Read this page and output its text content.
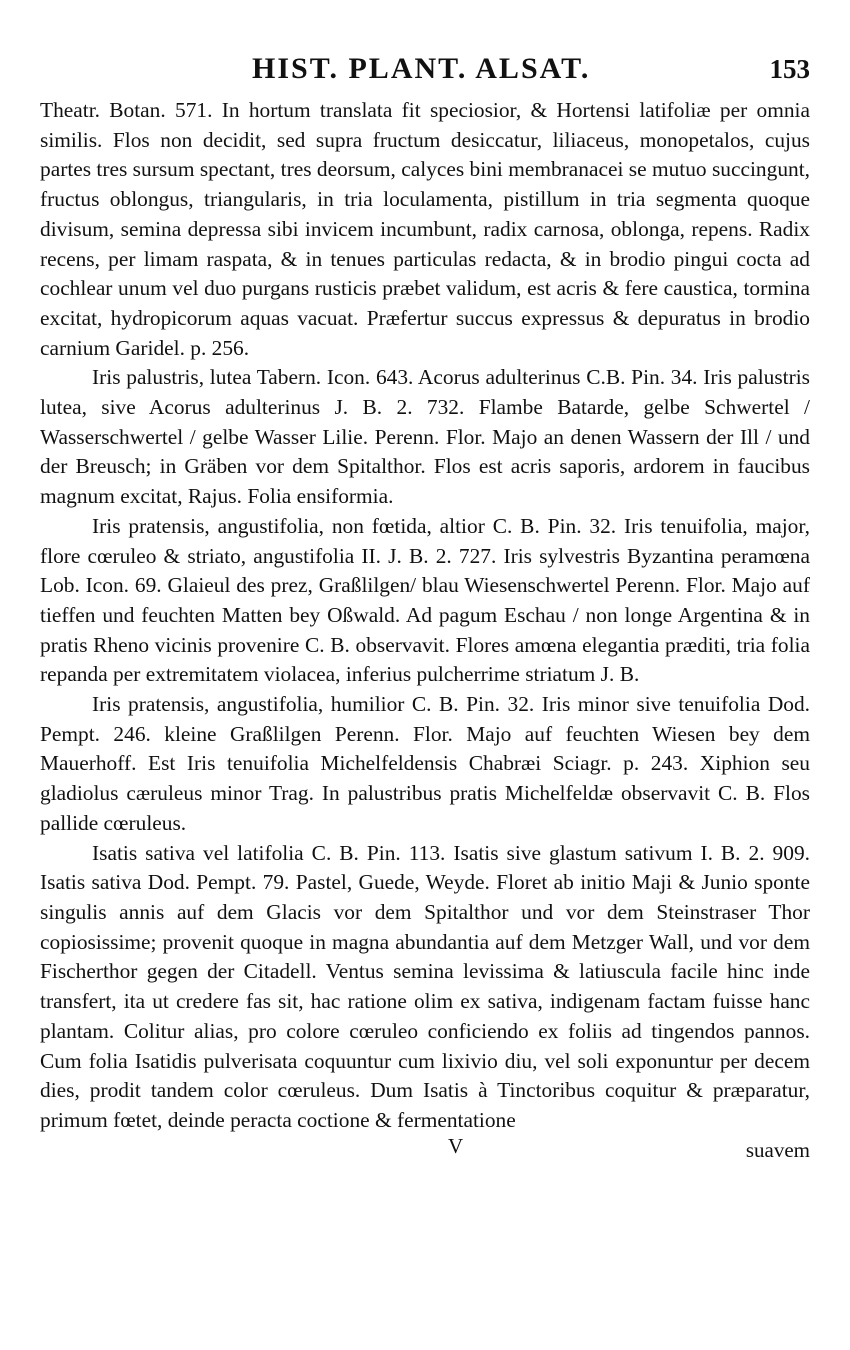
HIST. PLANT. ALSAT.	153

Theatr. Botan. 571. In hortum translata fit speciosior, & Hortensi latifoliæ per omnia similis. Flos non decidit, sed supra fructum desiccatur, liliaceus, monopetalos, cujus partes tres sursum spectant, tres deorsum, calyces bini membranacei se mutuo succingunt, fructus oblongus, triangularis, in tria loculamenta, pistillum in tria segmenta quoque divisum, semina depressa sibi invicem incumbunt, radix carnosa, oblonga, repens. Radix recens, per limam raspata, & in tenues particulas redacta, & in brodio pingui cocta ad cochlear unum vel duo purgans rusticis præbet validum, est acris & fere caustica, tormina excitat, hydropicorum aquas vacuat. Præfertur succus expressus & depuratus in brodio carnium Garidel. p. 256.

Iris palustris, lutea Tabern. Icon. 643. Acorus adulterinus C.B. Pin. 34. Iris palustris lutea, sive Acorus adulterinus J. B. 2. 732. Flambe Batarde, gelbe Schwertel / Wasserschwertel / gelbe Wasser Lilie. Perenn. Flor. Majo an denen Wassern der Ill / und der Breusch; in Gräben vor dem Spitalthor. Flos est acris saporis, ardorem in faucibus magnum excitat, Rajus. Folia ensiformia.

Iris pratensis, angustifolia, non fœtida, altior C. B. Pin. 32. Iris tenuifolia, major, flore cœruleo & striato, angustifolia II. J. B. 2. 727. Iris sylvestris Byzantina peramœna Lob. Icon. 69. Glaieul des prez, Graßlilgen/ blau Wiesenschwertel Perenn. Flor. Majo auf tieffen und feuchten Matten bey Oßwald. Ad pagum Eschau / non longe Argentina & in pratis Rheno vicinis provenire C. B. observavit. Flores amœna elegantia præditi, tria folia repanda per extremitatem violacea, inferius pulcherrime striatum J. B.

Iris pratensis, angustifolia, humilior C. B. Pin. 32. Iris minor sive tenuifolia Dod. Pempt. 246. kleine Graßlilgen Perenn. Flor. Majo auf feuchten Wiesen bey dem Mauerhoff. Est Iris tenuifolia Michelfeldensis Chabræi Sciagr. p. 243. Xiphion seu gladiolus cæruleus minor Trag. In palustribus pratis Michelfeldæ observavit C. B. Flos pallide cœruleus.

Isatis sativa vel latifolia C. B. Pin. 113. Isatis sive glastum sativum I. B. 2. 909. Isatis sativa Dod. Pempt. 79. Pastel, Guede, Weyde. Floret ab initio Maji & Junio sponte singulis annis auf dem Glacis vor dem Spitalthor und vor dem Steinstraser Thor copiosissime; provenit quoque in magna abundantia auf dem Metzger Wall, und vor dem Fischerthor gegen der Citadell. Ventus semina levissima & latiuscula facile hinc inde transfert, ita ut credere fas sit, hac ratione olim ex sativa, indigenam factam fuisse hanc plantam. Colitur alias, pro colore cœruleo conficiendo ex foliis ad tingendos pannos. Cum folia Isatidis pulverisata coquuntur cum lixivio diu, vel soli exponuntur per decem dies, prodit tandem color cœruleus. Dum Isatis à Tinctoribus coquitur & præparatur, primum fœtet, deinde peracta coctione & fermentatione

V	suavem
